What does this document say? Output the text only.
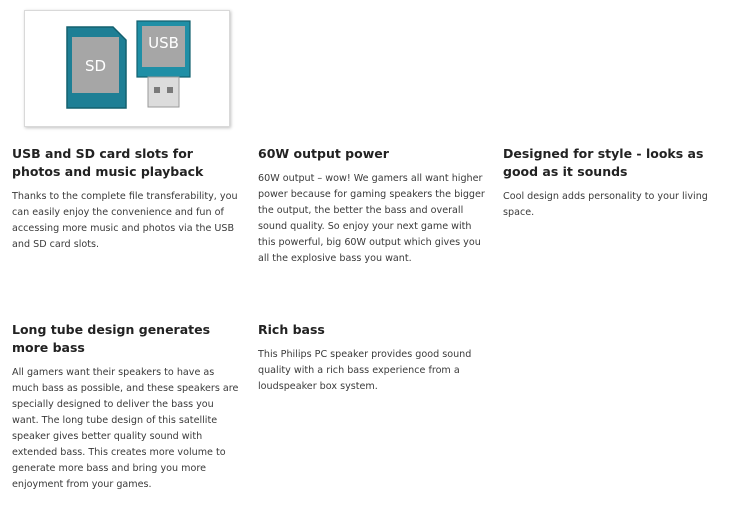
SD
USB
USB and SD card slots for photos and music playback

Thanks to the complete file transferability, you can easily enjoy the convenience and fun of accessing more music and photos via the USB and SD card slots.

60W output power

60W output – wow! We gamers all want higher power because for gaming speakers the bigger the output, the better the bass and overall sound quality. So enjoy your next game with this powerful, big 60W output which gives you all the explosive bass you want.

Designed for style - looks as good as it sounds

Cool design adds personality to your living space.

Long tube design generates more bass

All gamers want their speakers to have as much bass as possible, and these speakers are specially designed to deliver the bass you want. The long tube design of this satellite speaker gives better quality sound with extended bass. This creates more volume to generate more bass and bring you more enjoyment from your games.

Rich bass

This Philips PC speaker provides good sound quality with a rich bass experience from a loudspeaker box system.
